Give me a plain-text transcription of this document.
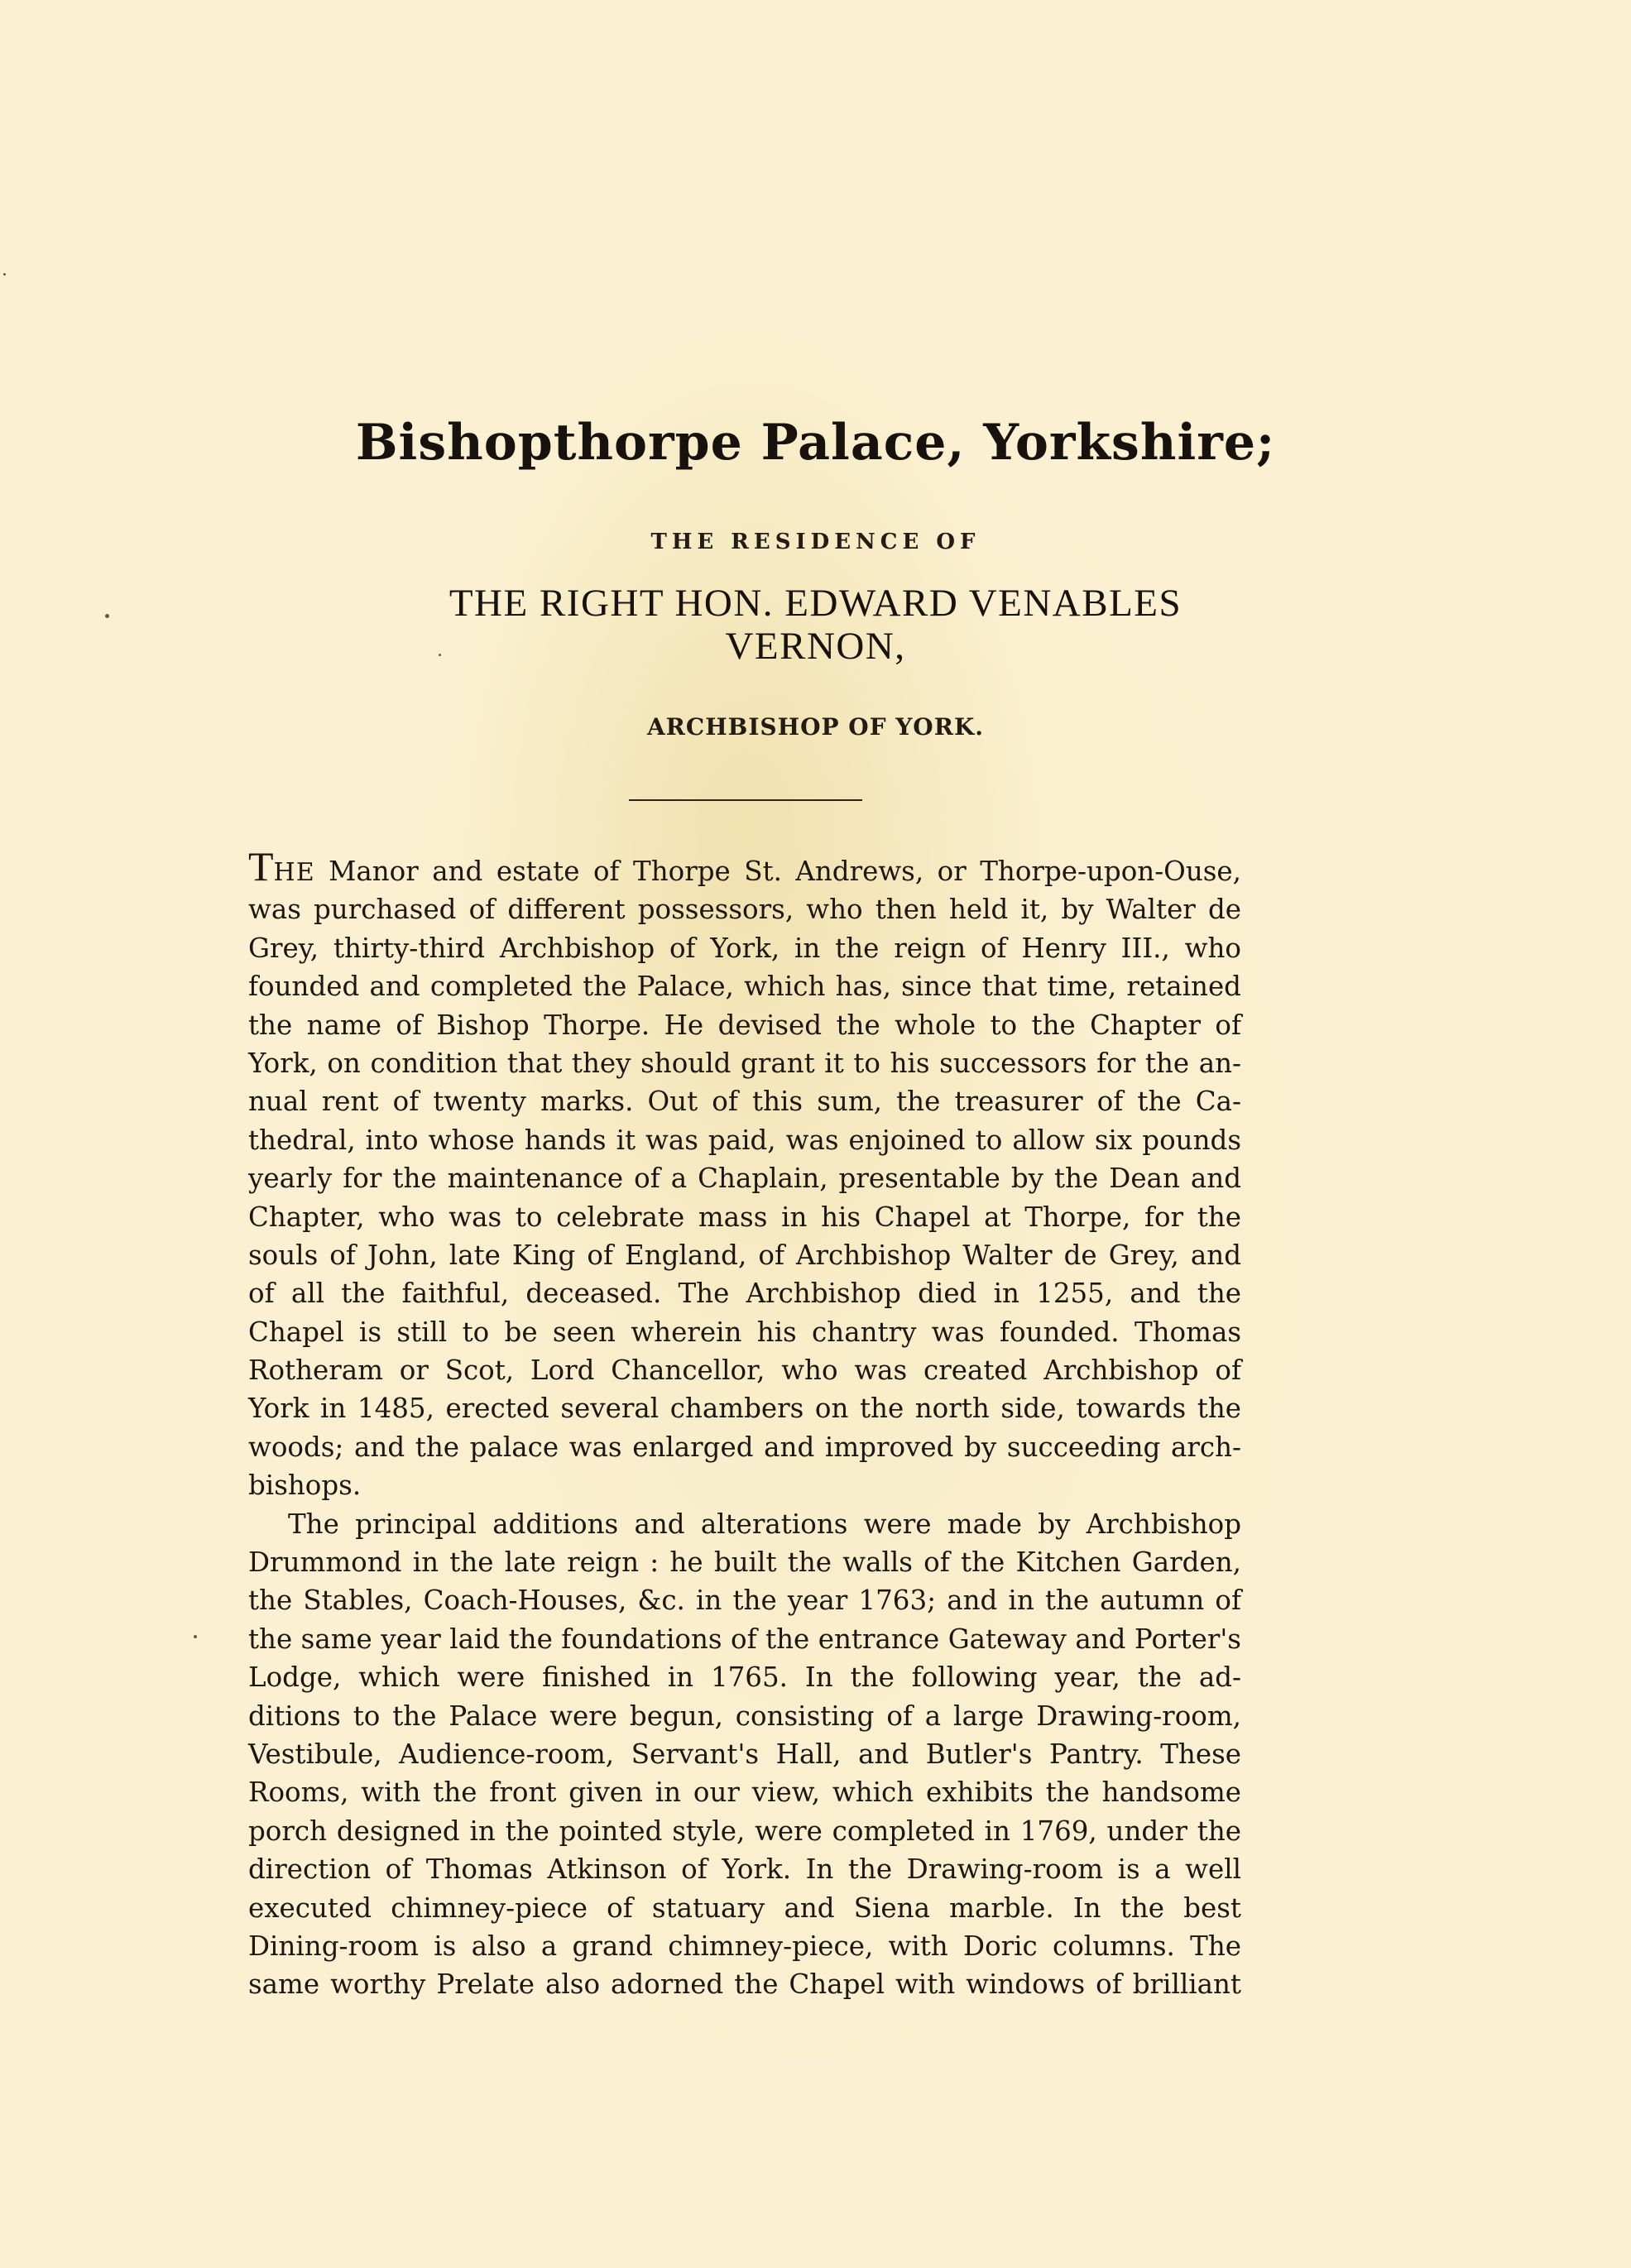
Bishopthorpe Palace, Yorkshire;
THE RESIDENCE OF
THE RIGHT HON. EDWARD VENABLES
VERNON,
ARCHBISHOP OF YORK.
THE Manor and estate of Thorpe St. Andrews, or Thorpe-upon-Ouse,
was purchased of different possessors, who then held it, by Walter de
Grey, thirty-third Archbishop of York, in the reign of Henry III., who
founded and completed the Palace, which has, since that time, retained
the name of Bishop Thorpe. He devised the whole to the Chapter of
York, on condition that they should grant it to his successors for the an-
nual rent of twenty marks. Out of this sum, the treasurer of the Ca-
thedral, into whose hands it was paid, was enjoined to allow six pounds
yearly for the maintenance of a Chaplain, presentable by the Dean and
Chapter, who was to celebrate mass in his Chapel at Thorpe, for the
souls of John, late King of England, of Archbishop Walter de Grey, and
of all the faithful, deceased. The Archbishop died in 1255, and the
Chapel is still to be seen wherein his chantry was founded. Thomas
Rotheram or Scot, Lord Chancellor, who was created Archbishop of
York in 1485, erected several chambers on the north side, towards the
woods; and the palace was enlarged and improved by succeeding arch-
bishops.
The principal additions and alterations were made by Archbishop
Drummond in the late reign : he built the walls of the Kitchen Garden,
the Stables, Coach-Houses, &c. in the year 1763; and in the autumn of
the same year laid the foundations of the entrance Gateway and Porter's
Lodge, which were finished in 1765. In the following year, the ad-
ditions to the Palace were begun, consisting of a large Drawing-room,
Vestibule, Audience-room, Servant's Hall, and Butler's Pantry. These
Rooms, with the front given in our view, which exhibits the handsome
porch designed in the pointed style, were completed in 1769, under the
direction of Thomas Atkinson of York. In the Drawing-room is a well
executed chimney-piece of statuary and Siena marble. In the best
Dining-room is also a grand chimney-piece, with Doric columns. The
same worthy Prelate also adorned the Chapel with windows of brilliant
